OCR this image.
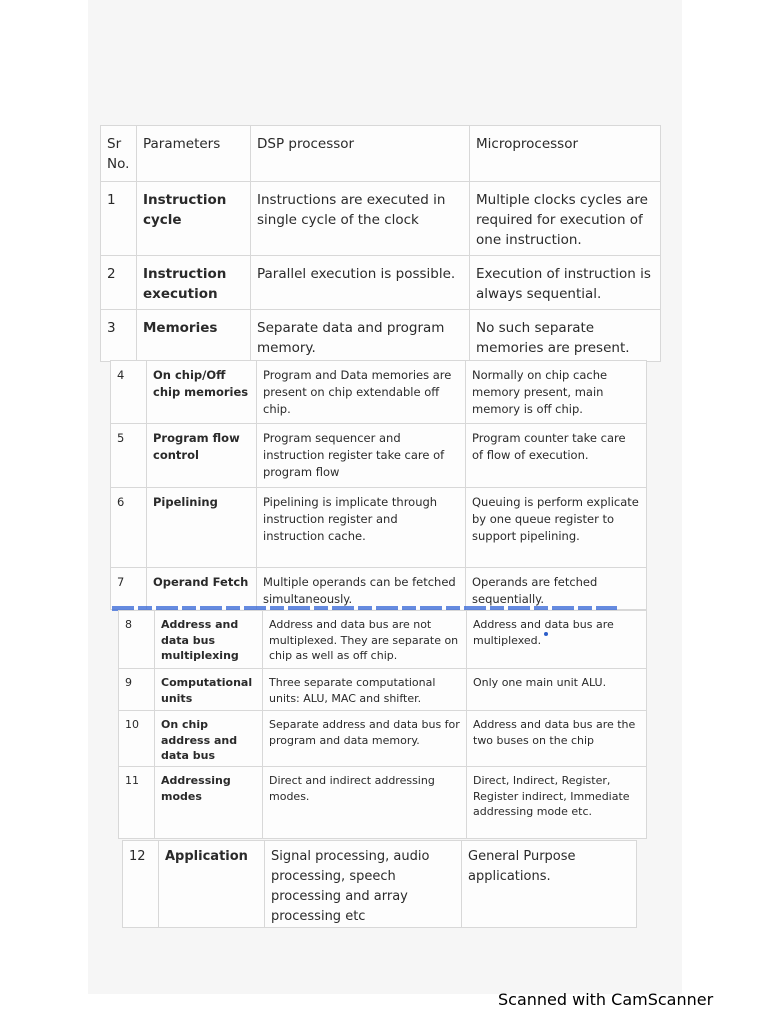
Sr No.	Parameters	DSP processor	Microprocessor
1	Instruction cycle	Instructions are executed in single cycle of the clock	Multiple clocks cycles are required for execution of one instruction.
2	Instruction execution	Parallel execution is possible.	Execution of instruction is always sequential.
3	Memories	Separate data and program memory.	No such separate memories are present.
4	On chip/Off chip memories	Program and Data memories are present on chip extendable off chip.	Normally on chip cache memory present, main memory is off chip.
5	Program flow control	Program sequencer and instruction register take care of program flow	Program counter take care of flow of execution.
6	Pipelining	Pipelining is implicate through instruction register and instruction cache.	Queuing is perform explicate by one queue register to support pipelining.
7	Operand Fetch	Multiple operands can be fetched simultaneously.	Operands are fetched sequentially.
8	Address and data bus multiplexing	Address and data bus are not multiplexed. They are separate on chip as well as off chip.	Address and data bus are multiplexed.
9	Computational units	Three separate computational units: ALU, MAC and shifter.	Only one main unit ALU.
10	On chip address and data bus	Separate address and data bus for program and data memory.	Address and data bus are the two buses on the chip
11	Addressing modes	Direct and indirect addressing modes.	Direct, Indirect, Register, Register indirect, Immediate addressing mode etc.
12	Application	Signal processing, audio processing, speech processing and array processing etc	General Purpose applications.
Scanned with CamScanner
